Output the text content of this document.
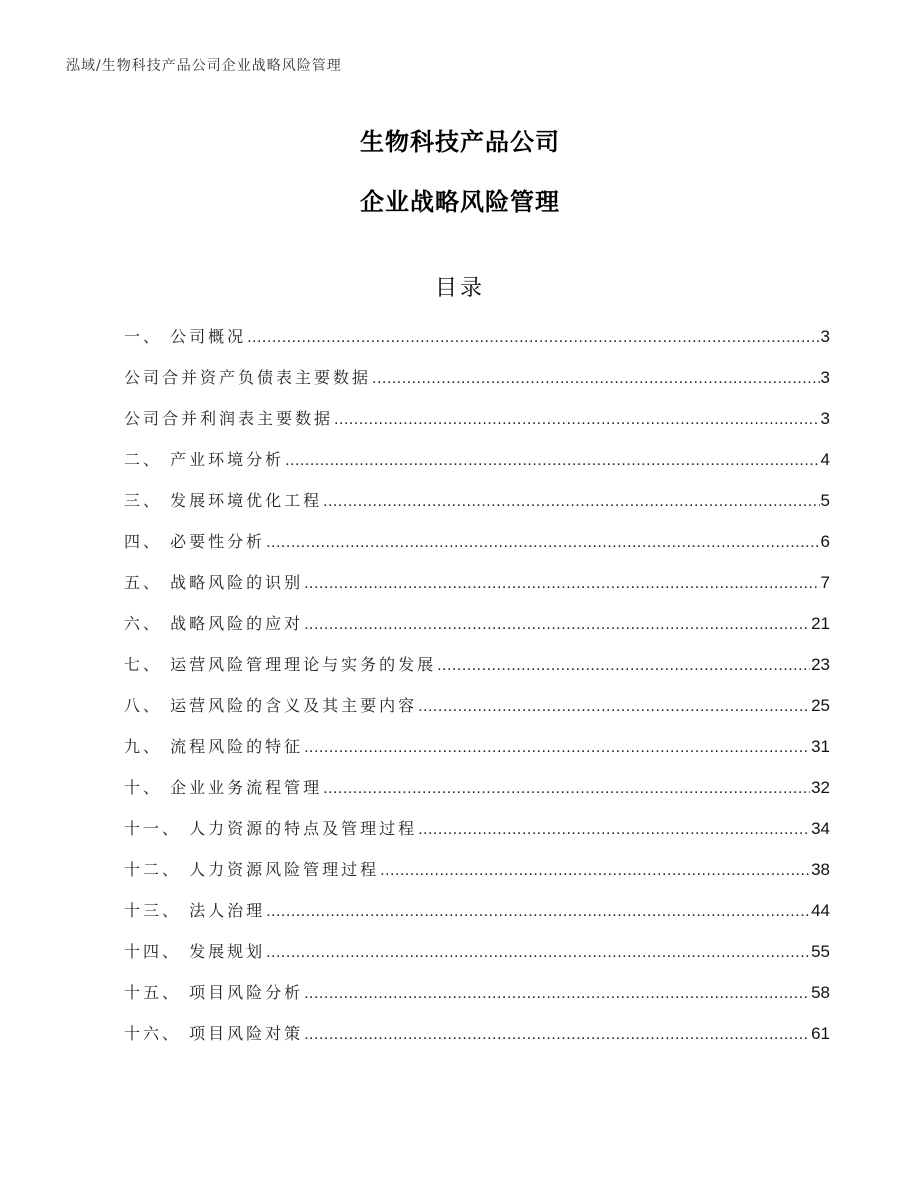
泓域/生物科技产品公司企业战略风险管理
生物科技产品公司
企业战略风险管理
目录
一、 公司概况 .....	3
公司合并资产负债表主要数据 .....	3
公司合并利润表主要数据 .....	3
二、 产业环境分析 .....	4
三、 发展环境优化工程 .....	5
四、 必要性分析 .....	6
五、 战略风险的识别 .....	7
六、 战略风险的应对 .....	21
七、 运营风险管理理论与实务的发展 .....	23
八、 运营风险的含义及其主要内容 .....	25
九、 流程风险的特征 .....	31
十、 企业业务流程管理 .....	32
十一、 人力资源的特点及管理过程 .....	34
十二、 人力资源风险管理过程 .....	38
十三、 法人治理 .....	44
十四、 发展规划 .....	55
十五、 项目风险分析 .....	58
十六、 项目风险对策 .....	61
